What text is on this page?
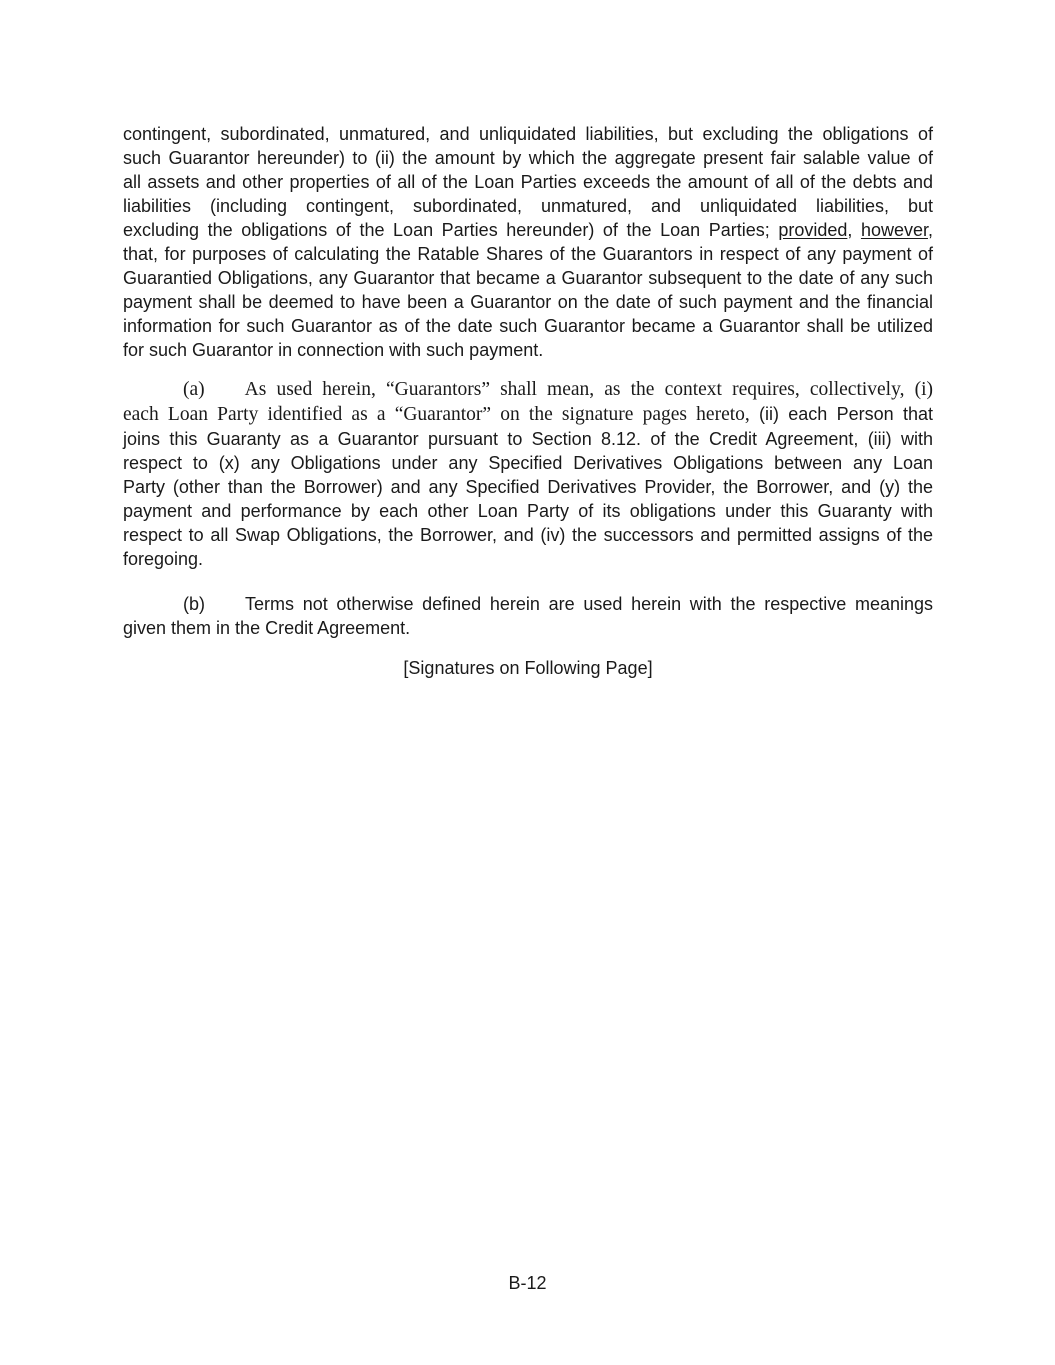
contingent, subordinated, unmatured, and unliquidated liabilities, but excluding the obligations of
such Guarantor hereunder) to (ii) the amount by which the aggregate present fair salable value of
all assets and other properties of all of the Loan Parties exceeds the amount of all of the debts and
liabilities (including contingent, subordinated, unmatured, and unliquidated liabilities, but
excluding the obligations of the Loan Parties hereunder) of the Loan Parties; provided, however,
that, for purposes of calculating the Ratable Shares of the Guarantors in respect of any payment of
Guarantied Obligations, any Guarantor that became a Guarantor subsequent to the date of any such
payment shall be deemed to have been a Guarantor on the date of such payment and the financial
information for such Guarantor as of the date such Guarantor became a Guarantor shall be utilized
for such Guarantor in connection with such payment.
(a) As used herein, “Guarantors” shall mean, as the context requires, collectively, (i)
each Loan Party identified as a “Guarantor” on the signature pages hereto, (ii) each Person that
joins this Guaranty as a Guarantor pursuant to Section 8.12. of the Credit Agreement, (iii) with
respect to (x) any Obligations under any Specified Derivatives Obligations between any Loan
Party (other than the Borrower) and any Specified Derivatives Provider, the Borrower, and (y) the
payment and performance by each other Loan Party of its obligations under this Guaranty with
respect to all Swap Obligations, the Borrower, and (iv) the successors and permitted assigns of the
foregoing.
(b) Terms not otherwise defined herein are used herein with the respective meanings
given them in the Credit Agreement.
[Signatures on Following Page]
B-12
